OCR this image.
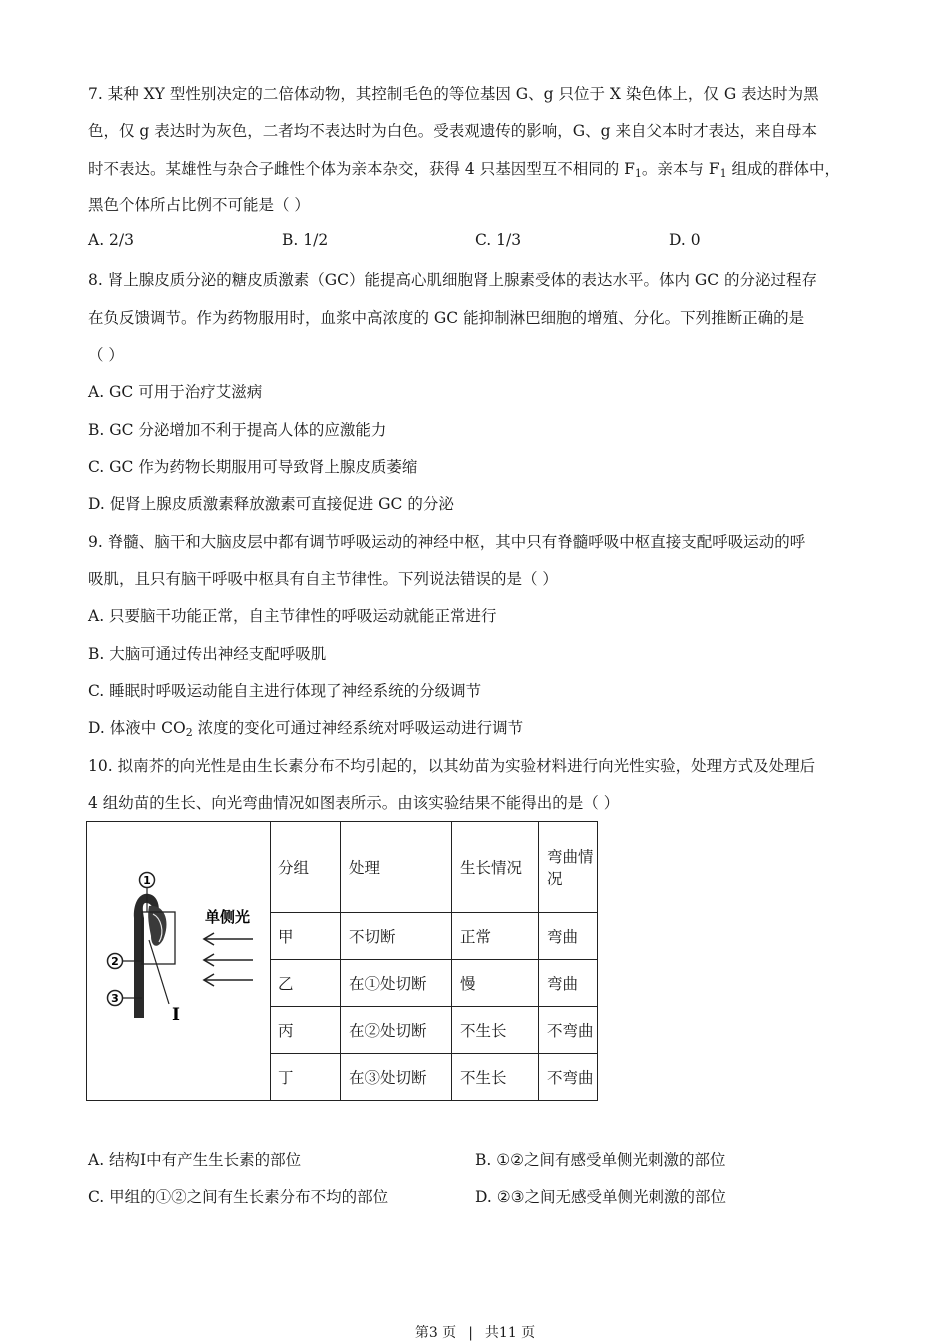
7. 某种 XY 型性别决定的二倍体动物，其控制毛色的等位基因 G、g 只位于 X 染色体上，仅 G 表达时为黑
色，仅 g 表达时为灰色，二者均不表达时为白色。受表观遗传的影响，G、g 来自父本时才表达，来自母本
时不表达。某雄性与杂合子雌性个体为亲本杂交，获得 4 只基因型互不相同的 $F_1$。亲本与 $F_1$ 组成的群体中，
黑色个体所占比例不可能是（ ）
A. 2/3	B. 1/2	C. 1/3	D. 0
8. 肾上腺皮质分泌的糖皮质激素（GC）能提高心肌细胞肾上腺素受体的表达水平。体内 GC 的分泌过程存
在负反馈调节。作为药物服用时，血浆中高浓度的 GC 能抑制淋巴细胞的增殖、分化。下列推断正确的是
（ ）
A. GC 可用于治疗艾滋病
B. GC 分泌增加不利于提高人体的应激能力
C. GC 作为药物长期服用可导致肾上腺皮质萎缩
D. 促肾上腺皮质激素释放激素可直接促进 GC 的分泌
9. 脊髓、脑干和大脑皮层中都有调节呼吸运动的神经中枢，其中只有脊髓呼吸中枢直接支配呼吸运动的呼
吸肌，且只有脑干呼吸中枢具有自主节律性。下列说法错误的是（ ）
A. 只要脑干功能正常，自主节律性的呼吸运动就能正常进行
B. 大脑可通过传出神经支配呼吸肌
C. 睡眠时呼吸运动能自主进行体现了神经系统的分级调节
D. 体液中 $CO_2$ 浓度的变化可通过神经系统对呼吸运动进行调节
10. 拟南芥的向光性是由生长素分布不均引起的，以其幼苗为实验材料进行向光性实验，处理方式及处理后
4 组幼苗的生长、向光弯曲情况如图表所示。由该实验结果不能得出的是（ ）
1
2
3
I
单侧光
分组	处理	生长情况	弯曲情况
甲	不切断	正常	弯曲
乙	在①处切断	慢	弯曲
丙	在②处切断	不生长	不弯曲
丁	在③处切断	不生长	不弯曲
A. 结构I中有产生生长素的部位	B. ①②之间有感受单侧光刺激的部位
C. 甲组的①②之间有生长素分布不均的部位	D. ②③之间无感受单侧光刺激的部位
第3 页 | 共11 页
